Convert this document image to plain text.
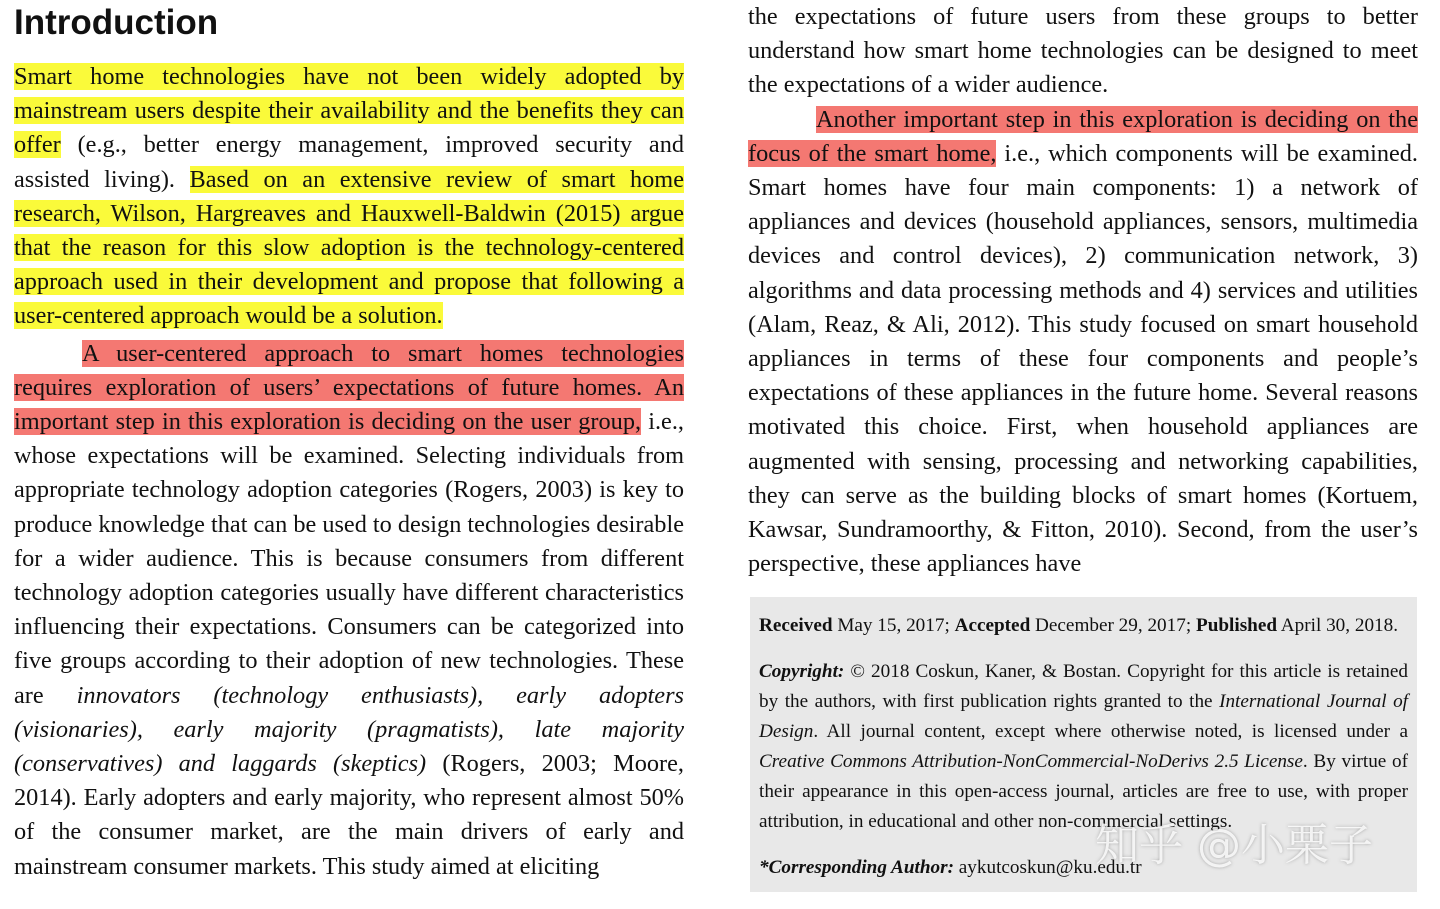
Introduction

Smart home technologies have not been widely adopted by mainstream users despite their availability and the benefits they can offer (e.g., better energy management, improved security and assisted living). Based on an extensive review of smart home research, Wilson, Hargreaves and Hauxwell-Baldwin (2015) argue that the reason for this slow adoption is the technology-centered approach used in their development and propose that following a user-centered approach would be a solution.

A user-centered approach to smart homes technologies requires exploration of users’ expectations of future homes. An important step in this exploration is deciding on the user group, i.e., whose expectations will be examined. Selecting individuals from appropriate technology adoption categories (Rogers, 2003) is key to produce knowledge that can be used to design technologies desirable for a wider audience. This is because consumers from different technology adoption categories usually have different characteristics influencing their expectations. Consumers can be categorized into five groups according to their adoption of new technologies. These are innovators (technology enthusiasts), early adopters (visionaries), early majority (pragmatists), late majority (conservatives) and laggards (skeptics) (Rogers, 2003; Moore, 2014). Early adopters and early majority, who represent almost 50% of the consumer market, are the main drivers of early and mainstream consumer markets. This study aimed at eliciting

the expectations of future users from these groups to better understand how smart home technologies can be designed to meet the expectations of a wider audience.

Another important step in this exploration is deciding on the focus of the smart home, i.e., which components will be examined. Smart homes have four main components: 1) a network of appliances and devices (household appliances, sensors, multimedia devices and control devices), 2) communication network, 3) algorithms and data processing methods and 4) services and utilities (Alam, Reaz, & Ali, 2012). This study focused on smart household appliances in terms of these four components and people’s expectations of these appliances in the future home. Several reasons motivated this choice. First, when household appliances are augmented with sensing, processing and networking capabilities, they can serve as the building blocks of smart homes (Kortuem, Kawsar, Sundramoorthy, & Fitton, 2010). Second, from the user’s perspective, these appliances have

Received May 15, 2017; Accepted December 29, 2017; Published April 30, 2018.

Copyright: © 2018 Coskun, Kaner, & Bostan. Copyright for this article is retained by the authors, with first publication rights granted to the International Journal of Design. All journal content, except where otherwise noted, is licensed under a Creative Commons Attribution-NonCommercial-NoDerivs 2.5 License. By virtue of their appearance in this open-access journal, articles are free to use, with proper attribution, in educational and other non-commercial settings.

*Corresponding Author: aykutcoskun@ku.edu.tr

知乎 @小栗子
